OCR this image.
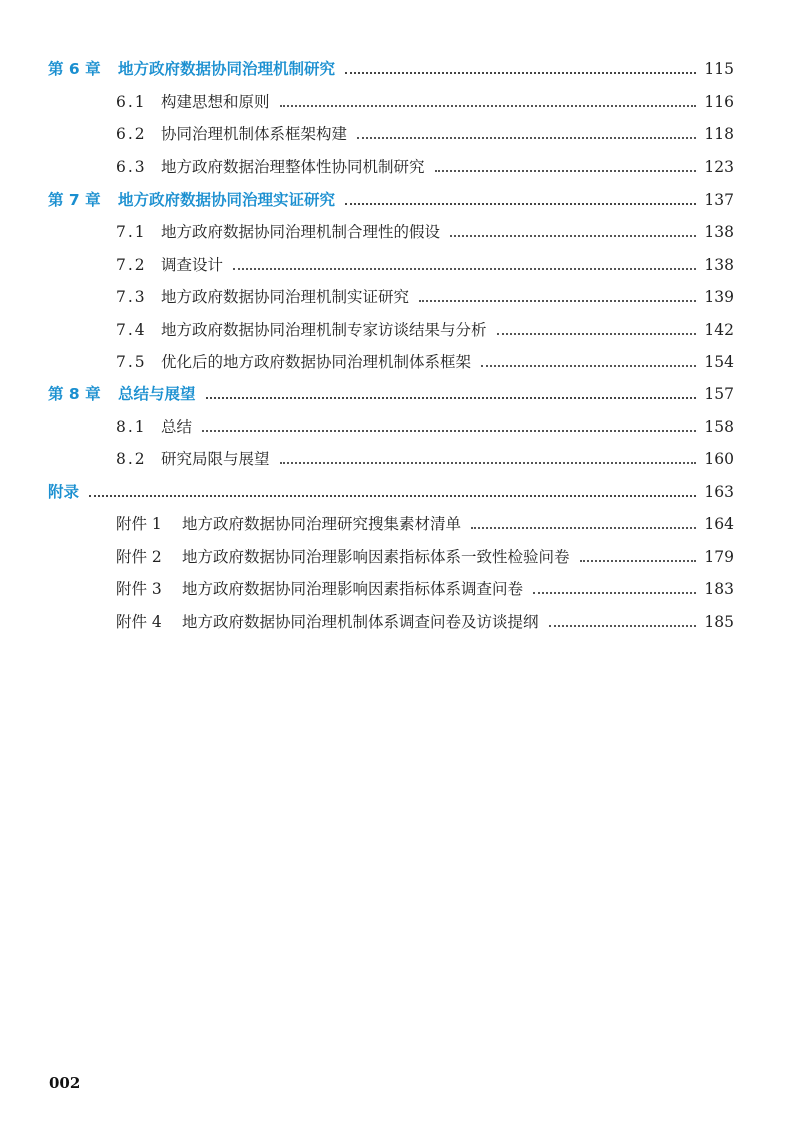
第 6 章	地方政府数据协同治理机制研究	115
6.1 构建思想和原则	116
6.2 协同治理机制体系框架构建	118
6.3 地方政府数据治理整体性协同机制研究	123
第 7 章	地方政府数据协同治理实证研究	137
7.1 地方政府数据协同治理机制合理性的假设	138
7.2 调查设计	138
7.3 地方政府数据协同治理机制实证研究	139
7.4 地方政府数据协同治理机制专家访谈结果与分析	142
7.5 优化后的地方政府数据协同治理机制体系框架	154
第 8 章	总结与展望	157
8.1 总结	158
8.2 研究局限与展望	160
附录	163
附件 1	地方政府数据协同治理研究搜集素材清单	164
附件 2	地方政府数据协同治理影响因素指标体系一致性检验问卷	179
附件 3	地方政府数据协同治理影响因素指标体系调查问卷	183
附件 4	地方政府数据协同治理机制体系调查问卷及访谈提纲	185
002
